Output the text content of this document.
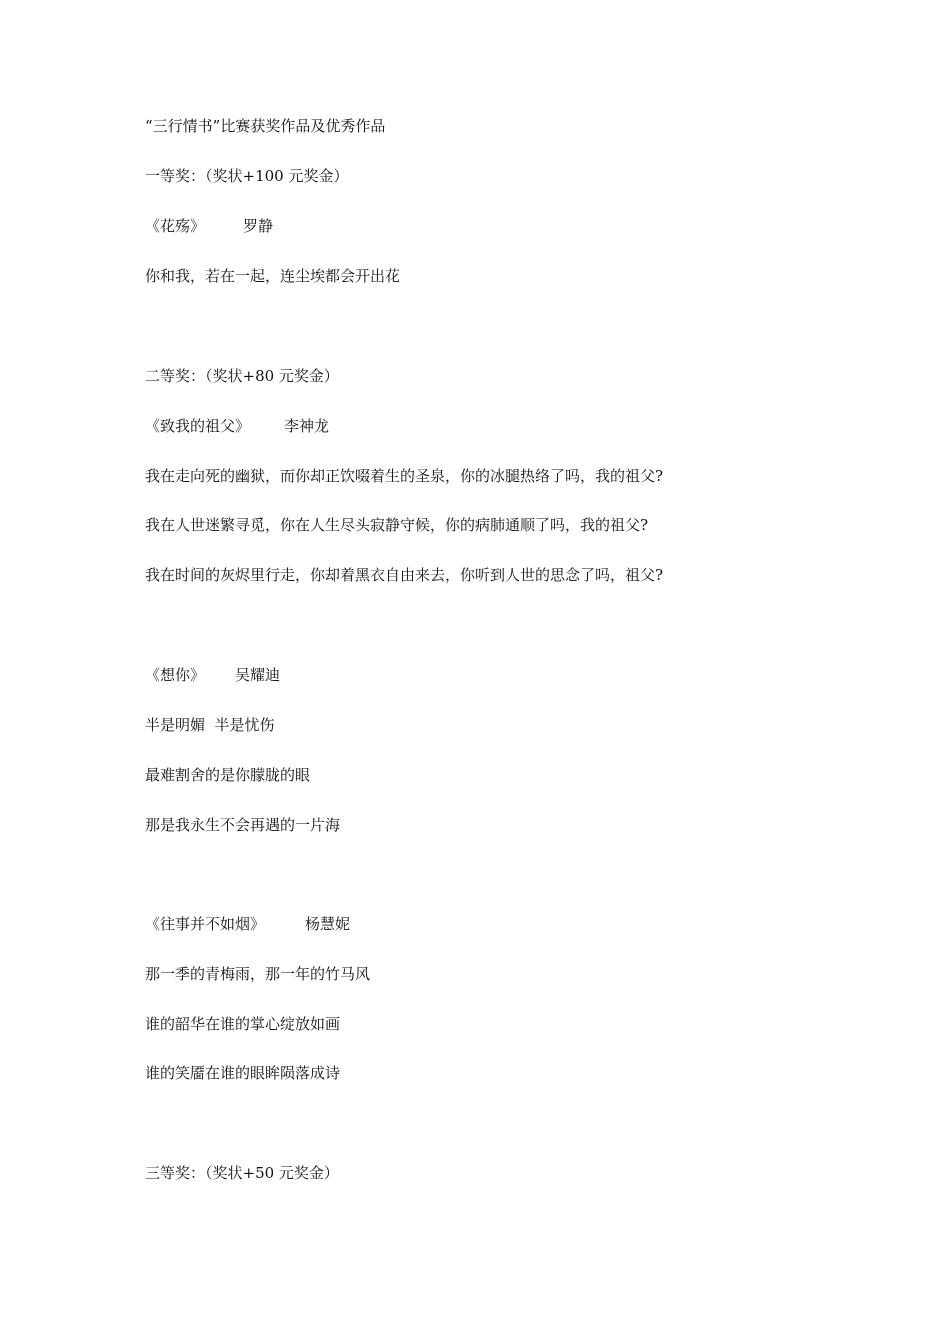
“三行情书”比赛获奖作品及优秀作品

一等奖：（奖状+100 元奖金）

《花殇》	罗静

你和我，若在一起，连尘埃都会开出花

二等奖：（奖状+80 元奖金）

《致我的祖父》 李神龙

我在走向死的幽狱，而你却正饮啜着生的圣泉，你的冰腿热络了吗，我的祖父?

我在人世迷繁寻觅，你在人生尽头寂静守候，你的病肺通顺了吗，我的祖父?

我在时间的灰烬里行走，你却着黑衣自由来去，你听到人世的思念了吗，祖父?

《想你》 吴耀迪

半是明媚  半是忧伤

最难割舍的是你朦胧的眼

那是我永生不会再遇的一片海

《往事并不如烟》	杨慧妮

那一季的青梅雨，那一年的竹马风

谁的韶华在谁的掌心绽放如画

谁的笑靥在谁的眼眸陨落成诗

三等奖：（奖状+50 元奖金）
